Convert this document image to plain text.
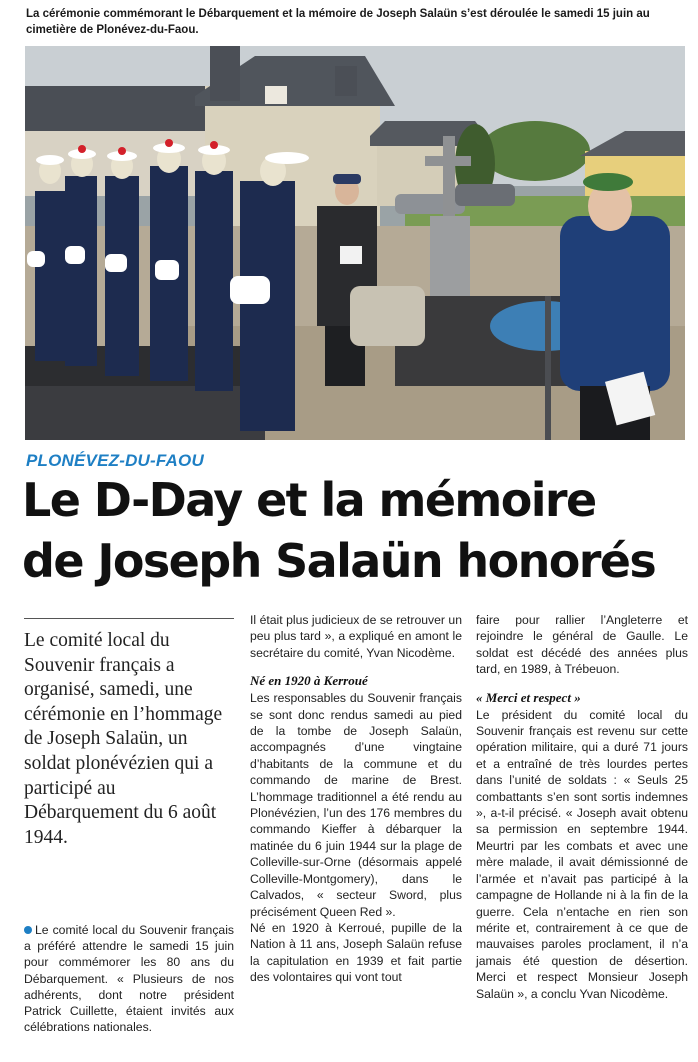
La cérémonie commémorant le Débarquement et la mémoire de Joseph Salaün s’est déroulée le samedi 15 juin au cimetière de Plonévez-du-Faou.
PLONÉVEZ-DU-FAOU
Le D-Day et la mémoire
de Joseph Salaün honorés
Le comité local du Souvenir français a organisé, samedi, une cérémonie en l’hommage de Joseph Salaün, un soldat plonévézien qui a participé au Débarquement du 6 août 1944.
Le comité local du Souvenir français a préféré attendre le samedi 15 juin pour commémorer les 80 ans du Débarquement. « Plusieurs de nos adhérents, dont notre président Patrick Cuillette, étaient invités aux célébrations nationales.

Il était plus judicieux de se retrouver un peu plus tard », a expliqué en amont le secrétaire du comité, Yvan Nicodème.

Né en 1920 à Kerroué

Les responsables du Souvenir français se sont donc rendus samedi au pied de la tombe de Joseph Salaün, accompagnés d’une vingtaine d’habitants de la commune et du commando de marine de Brest. L’hommage traditionnel a été rendu au Plonévézien, l’un des 176 membres du commando Kieffer à débarquer la matinée du 6 juin 1944 sur la plage de Colleville-sur-Orne (désormais appelé Colleville-Montgomery), dans le Calvados, « secteur Sword, plus précisément Queen Red ».

Né en 1920 à Kerroué, pupille de la Nation à 11 ans, Joseph Salaün refuse la capitulation en 1939 et fait partie des volontaires qui vont tout

faire pour rallier l’Angleterre et rejoindre le général de Gaulle. Le soldat est décédé des années plus tard, en 1989, à Trébeuon.

« Merci et respect »

Le président du comité local du Souvenir français est revenu sur cette opération militaire, qui a duré 71 jours et a entraîné de très lourdes pertes dans l’unité de soldats : « Seuls 25 combattants s’en sont sortis indemnes », a-t-il précisé. « Joseph avait obtenu sa permission en septembre 1944. Meurtri par les combats et avec une mère malade, il avait démissionné de l’armée et n’avait pas participé à la campagne de Hollande ni à la fin de la guerre. Cela n’entache en rien son mérite et, contrairement à ce que de mauvaises paroles proclament, il n’a jamais été question de désertion. Merci et respect Monsieur Joseph Salaün », a conclu Yvan Nicodème.
